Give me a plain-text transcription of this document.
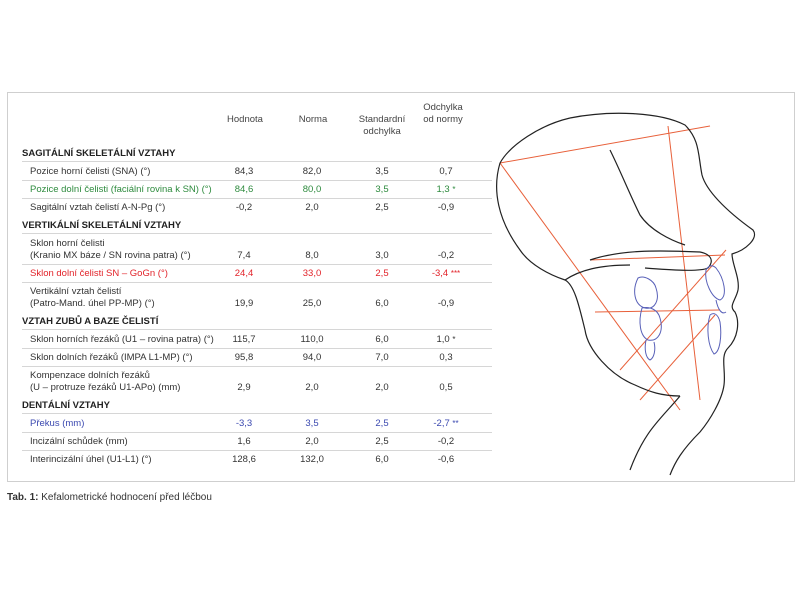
Hodnota	Norma	Standardní
odchylka
Odchylka
od normy
SAGITÁLNÍ SKELETÁLNÍ VZTAHY
Pozice horní čelisti (SNA) (°)	84,3	82,0	3,5	0,7
Pozice dolní čelisti (faciální rovina k SN) (°)	84,6	80,0	3,5	1,3 *
Sagitální vztah čelistí A-N-Pg (°)	-0,2	2,0	2,5	-0,9
VERTIKÁLNÍ SKELETÁLNÍ VZTAHY
Sklon horní čelisti
(Kranio MX báze / SN rovina patra) (°)	7,4	8,0	3,0	-0,2
Sklon dolní čelisti SN – GoGn (°)	24,4	33,0	2,5	-3,4 ***
Vertikální vztah čelistí
(Patro-Mand. úhel PP-MP) (°)	19,9	25,0	6,0	-0,9
VZTAH ZUBŮ A BAZE ČELISTÍ
Sklon horních řezáků (U1 – rovina patra) (°)	115,7	110,0	6,0	1,0 *
Sklon dolních řezáků (IMPA L1-MP) (°)	95,8	94,0	7,0	0,3
Kompenzace dolních řezáků
(U – protruze řezáků U1-APo) (mm)	2,9	2,0	2,0	0,5
DENTÁLNÍ VZTAHY
Překus (mm)	-3,3	3,5	2,5	-2,7 **
Incizální schůdek (mm)	1,6	2,0	2,5	-0,2
Interincizální úhel (U1-L1) (°)	128,6	132,0	6,0	-0,6
Tab. 1: Kefalometrické hodnocení před léčbou
